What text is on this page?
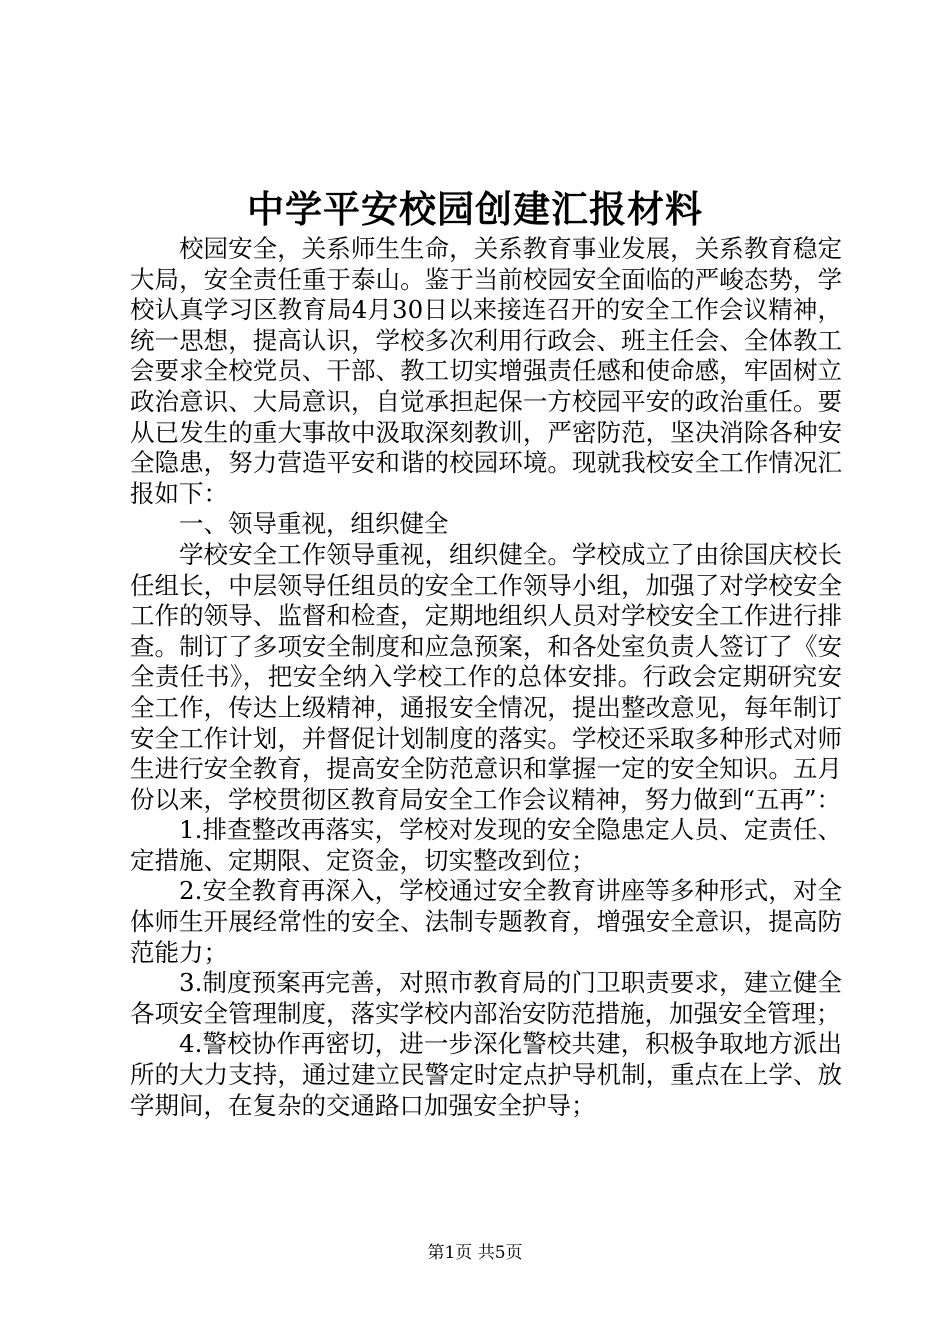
中学平安校园创建汇报材料

校园安全，关系师生生命，关系教育事业发展，关系教育稳定大局，安全责任重于泰山。鉴于当前校园安全面临的严峻态势，学校认真学习区教育局4月30日以来接连召开的安全工作会议精神，统一思想，提高认识，学校多次利用行政会、班主任会、全体教工会要求全校党员、干部、教工切实增强责任感和使命感，牢固树立政治意识、大局意识，自觉承担起保一方校园平安的政治重任。要从已发生的重大事故中汲取深刻教训，严密防范，坚决消除各种安全隐患，努力营造平安和谐的校园环境。现就我校安全工作情况汇报如下：

一、领导重视，组织健全

学校安全工作领导重视，组织健全。学校成立了由徐国庆校长任组长，中层领导任组员的安全工作领导小组，加强了对学校安全工作的领导、监督和检查，定期地组织人员对学校安全工作进行排查。制订了多项安全制度和应急预案，和各处室负责人签订了《安全责任书》，把安全纳入学校工作的总体安排。行政会定期研究安全工作，传达上级精神，通报安全情况，提出整改意见，每年制订安全工作计划，并督促计划制度的落实。学校还采取多种形式对师生进行安全教育，提高安全防范意识和掌握一定的安全知识。五月份以来，学校贯彻区教育局安全工作会议精神，努力做到“五再”：

1.排查整改再落实，学校对发现的安全隐患定人员、定责任、定措施、定期限、定资金，切实整改到位；

2.安全教育再深入，学校通过安全教育讲座等多种形式，对全体师生开展经常性的安全、法制专题教育，增强安全意识，提高防范能力；

3.制度预案再完善，对照市教育局的门卫职责要求，建立健全各项安全管理制度，落实学校内部治安防范措施，加强安全管理；

4.警校协作再密切，进一步深化警校共建，积极争取地方派出所的大力支持，通过建立民警定时定点护导机制，重点在上学、放学期间，在复杂的交通路口加强安全护导；

第1页 共5页
